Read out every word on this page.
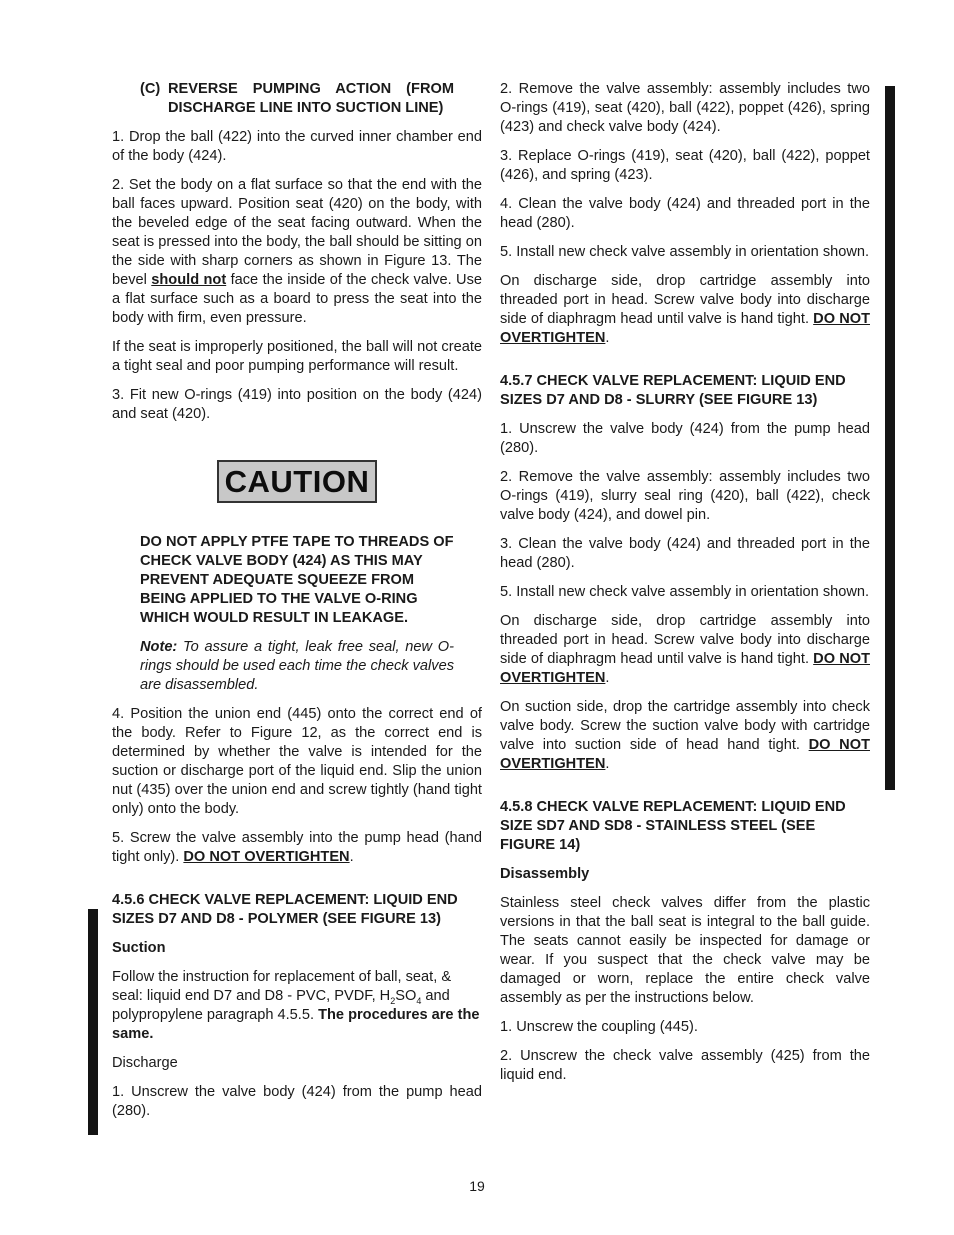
(C) REVERSE PUMPING ACTION (FROM DISCHARGE LINE INTO SUCTION LINE)

1. Drop the ball (422) into the curved inner chamber end of the body (424).

2. Set the body on a flat surface so that the end with the ball faces upward. Position seat (420) on the body, with the beveled edge of the seat facing outward. When the seat is pressed into the body, the ball should be sitting on the side with sharp corners as shown in Figure 13. The bevel should not face the inside of the check valve. Use a flat surface such as a board to press the seat into the body with firm, even pressure.

If the seat is improperly positioned, the ball will not create a tight seal and poor pumping performance will result.

3. Fit new O-rings (419) into position on the body (424) and seat (420).

CAUTION

DO NOT APPLY PTFE TAPE TO THREADS OF CHECK VALVE BODY (424) AS THIS MAY PREVENT ADEQUATE SQUEEZE FROM BEING APPLIED TO THE VALVE O-RING WHICH WOULD RESULT IN LEAKAGE.

Note: To assure a tight, leak free seal, new O-rings should be used each time the check valves are disassembled.

4. Position the union end (445) onto the correct end of the body. Refer to Figure 12, as the correct end is determined by whether the valve is intended for the suction or discharge port of the liquid end. Slip the union nut (435) over the union end and screw tightly (hand tight only) onto the body.

5. Screw the valve assembly into the pump head (hand tight only). DO NOT OVERTIGHTEN.

4.5.6 CHECK VALVE REPLACEMENT: LIQUID END SIZES D7 AND D8 - POLYMER (SEE FIGURE 13)

Suction

Follow the instruction for replacement of ball, seat, & seal: liquid end D7 and D8 - PVC, PVDF, $H_2SO_4$ and polypropylene paragraph 4.5.5. The procedures are the same.

Discharge

1. Unscrew the valve body (424) from the pump head (280).

2. Remove the valve assembly: assembly includes two O-rings (419), seat (420), ball (422), poppet (426), spring (423) and check valve body (424).

3. Replace O-rings (419), seat (420), ball (422), poppet (426), and spring (423).

4. Clean the valve body (424) and threaded port in the head (280).

5. Install new check valve assembly in orientation shown.

On discharge side, drop cartridge assembly into threaded port in head. Screw valve body into discharge side of diaphragm head until valve is hand tight. DO NOT OVERTIGHTEN.

4.5.7 CHECK VALVE REPLACEMENT: LIQUID END SIZES D7 AND D8 - SLURRY (SEE FIGURE 13)

1. Unscrew the valve body (424) from the pump head (280).

2. Remove the valve assembly: assembly includes two O-rings (419), slurry seal ring (420), ball (422), check valve body (424), and dowel pin.

3. Clean the valve body (424) and threaded port in the head (280).

5. Install new check valve assembly in orientation shown.

On discharge side, drop cartridge assembly into threaded port in head. Screw valve body into discharge side of diaphragm head until valve is hand tight. DO NOT OVERTIGHTEN.

On suction side, drop the cartridge assembly into check valve body. Screw the suction valve body with cartridge valve into suction side of head hand tight. DO NOT OVERTIGHTEN.

4.5.8 CHECK VALVE REPLACEMENT: LIQUID END SIZE SD7 AND SD8 - STAINLESS STEEL (SEE FIGURE 14)

Disassembly

Stainless steel check valves differ from the plastic versions in that the ball seat is integral to the ball guide. The seats cannot easily be inspected for damage or wear. If you suspect that the check valve may be damaged or worn, replace the entire check valve assembly as per the instructions below.

1. Unscrew the coupling (445).

2. Unscrew the check valve assembly (425) from the liquid end.

19
